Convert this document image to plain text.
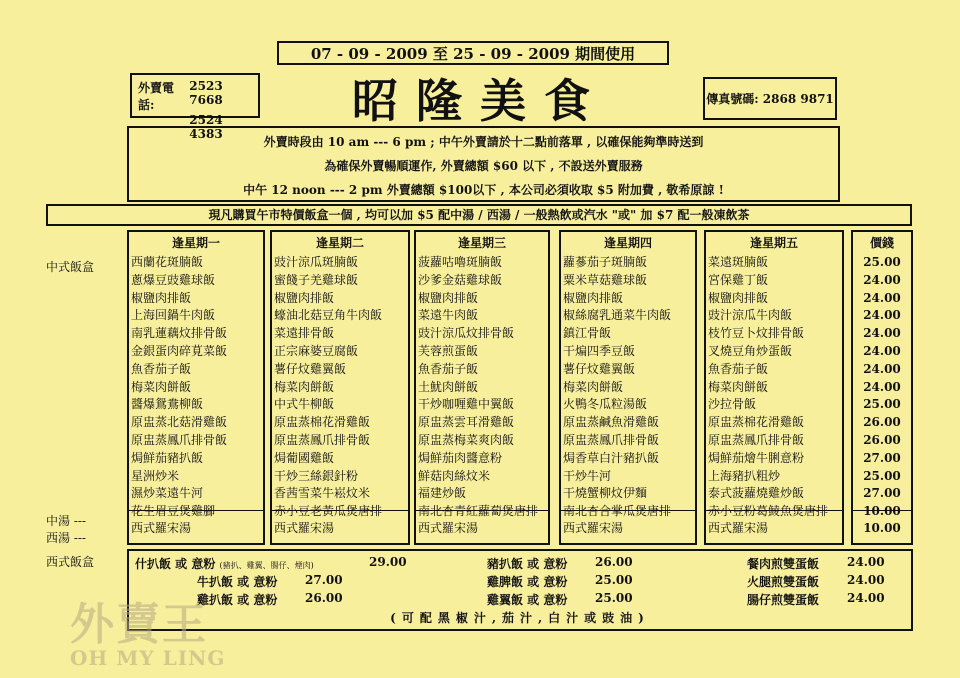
07 - 09 - 2009 至 25 - 09 - 2009 期間使用
外賣電話:
2523 7668
2524 4383
昭隆美食	傳真號碼: 2868 9871
外賣時段由 10 am --- 6 pm ; 中午外賣請於十二點前落單 , 以確保能夠準時送到
為確保外賣暢順運作, 外賣總額 $60 以下 , 不設送外賣服務
中午 12 noon --- 2 pm 外賣總額 $100以下 , 本公司必須收取 $5 附加費 , 敬希原諒 !
現凡購買午市特價飯盒一個 , 均可以加 $5 配中湯 / 西湯 / 一般熱飲或汽水 "或" 加 $7 配一般凍飲茶
中式飯盒
中湯 ---
西湯 ---
西式飯盒
逢星期一
西蘭花斑腩飯
蔥爆豆豉雞球飯
椒鹽肉排飯
上海回鍋牛肉飯
南乳蓮藕炆排骨飯
金銀蛋肉碎莧菜飯
魚香茄子飯
梅菜肉餅飯
醬爆鴛鴦柳飯
原盅蒸北菇滑雞飯
原盅蒸鳳爪排骨飯
焗鮮茄豬扒飯
星洲炒米
濕炒菜遠牛河
花生眉豆煲雞腳
西式羅宋湯
逢星期二
豉汁涼瓜斑腩飯
蜜餞子羌雞球飯
椒鹽肉排飯
蠔油北菇豆角牛肉飯
菜遠排骨飯
正宗麻婆豆腐飯
薯仔炆雞翼飯
梅菜肉餅飯
中式牛柳飯
原盅蒸棉花滑雞飯
原盅蒸鳳爪排骨飯
焗葡國雞飯
干炒三絲銀針粉
香茜雪菜牛崧炆米
赤小豆老黃瓜煲唐排
西式羅宋湯
逢星期三
菠蘿咕嚕斑腩飯
沙爹金菇雞球飯
椒鹽肉排飯
菜遠牛肉飯
豉汁涼瓜炆排骨飯
芙蓉煎蛋飯
魚香茄子飯
土魷肉餅飯
干炒咖喱雞中翼飯
原盅蒸雲耳滑雞飯
原盅蒸梅菜爽肉飯
焗鮮茄肉醬意粉
鮮菇肉絲炆米
福建炒飯
南北杏青紅蘿蔔煲唐排
西式羅宋湯
逢星期四
蘿蔘茄子斑腩飯
粟米草菇雞球飯
椒鹽肉排飯
椒絲腐乳通菜牛肉飯
鎮江骨飯
干煸四季豆飯
薯仔炆雞翼飯
梅菜肉餅飯
火鴨冬瓜粒湯飯
原盅蒸鹹魚滑雞飯
原盅蒸鳳爪排骨飯
焗香草白汁豬扒飯
干炒牛河
干燒蟹柳炆伊麵
南北杏合掌瓜煲唐排
西式羅宋湯
逢星期五
菜遠斑腩飯
宮保雞丁飯
椒鹽肉排飯
豉汁涼瓜牛肉飯
枝竹豆卜炆排骨飯
叉燒豆角炒蛋飯
魚香茄子飯
梅菜肉餅飯
沙拉骨飯
原盅蒸棉花滑雞飯
原盅蒸鳳爪排骨飯
焗鮮茄燴牛脷意粉
上海豬扒粗炒
泰式菠蘿燒雞炒飯
赤小豆粉葛鯪魚煲唐排
西式羅宋湯
價錢
25.00
24.00
24.00
24.00
24.00
24.00
24.00
24.00
25.00
26.00
26.00
27.00
25.00
27.00
10.00
10.00
什扒飯 或 意粉 (豬扒、雞翼、腸仔、煙肉)	29.00
牛扒飯 或 意粉 27.00
雞扒飯 或 意粉 26.00
豬扒飯 或 意粉 26.00
雞脾飯 或 意粉 25.00
雞翼飯 或 意粉 25.00
餐肉煎雙蛋飯 24.00
火腿煎雙蛋飯 24.00
腸仔煎雙蛋飯 24.00
(可配黑椒汁,茄汁,白汁或豉油)
外賣王
OH MY LING
